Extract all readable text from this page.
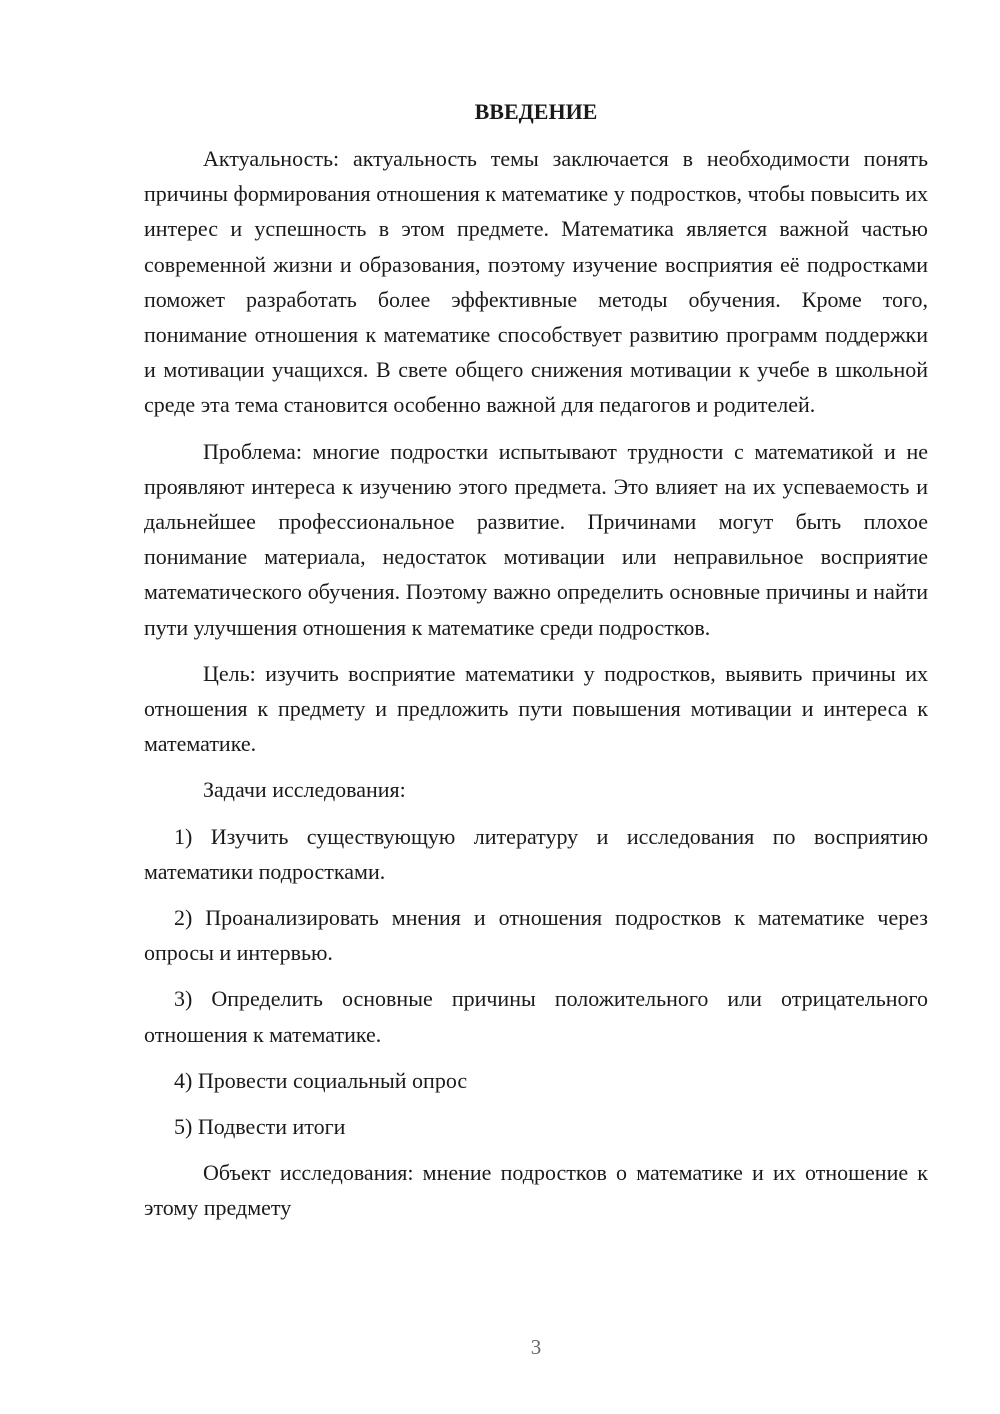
ВВЕДЕНИЕ
Актуальность: актуальность темы заключается в необходимости понять причины формирования отношения к математике у подростков, чтобы повысить их интерес и успешность в этом предмете. Математика является важной частью современной жизни и образования, поэтому изучение восприятия её подростками поможет разработать более эффективные методы обучения. Кроме того, понимание отношения к математике способствует развитию программ поддержки и мотивации учащихся. В свете общего снижения мотивации к учебе в школьной среде эта тема становится особенно важной для педагогов и родителей.
Проблема: многие подростки испытывают трудности с математикой и не проявляют интереса к изучению этого предмета. Это влияет на их успеваемость и дальнейшее профессиональное развитие. Причинами могут быть плохое понимание материала, недостаток мотивации или неправильное восприятие математического обучения. Поэтому важно определить основные причины и найти пути улучшения отношения к математике среди подростков.
Цель: изучить восприятие математики у подростков, выявить причины их отношения к предмету и предложить пути повышения мотивации и интереса к математике.
Задачи исследования:
1) Изучить существующую литературу и исследования по восприятию математики подростками.
2) Проанализировать мнения и отношения подростков к математике через опросы и интервью.
3) Определить основные причины положительного или отрицательного отношения к математике.
4) Провести социальный опрос
5) Подвести итоги
Объект исследования: мнение подростков о математике и их отношение к этому предмету
3
